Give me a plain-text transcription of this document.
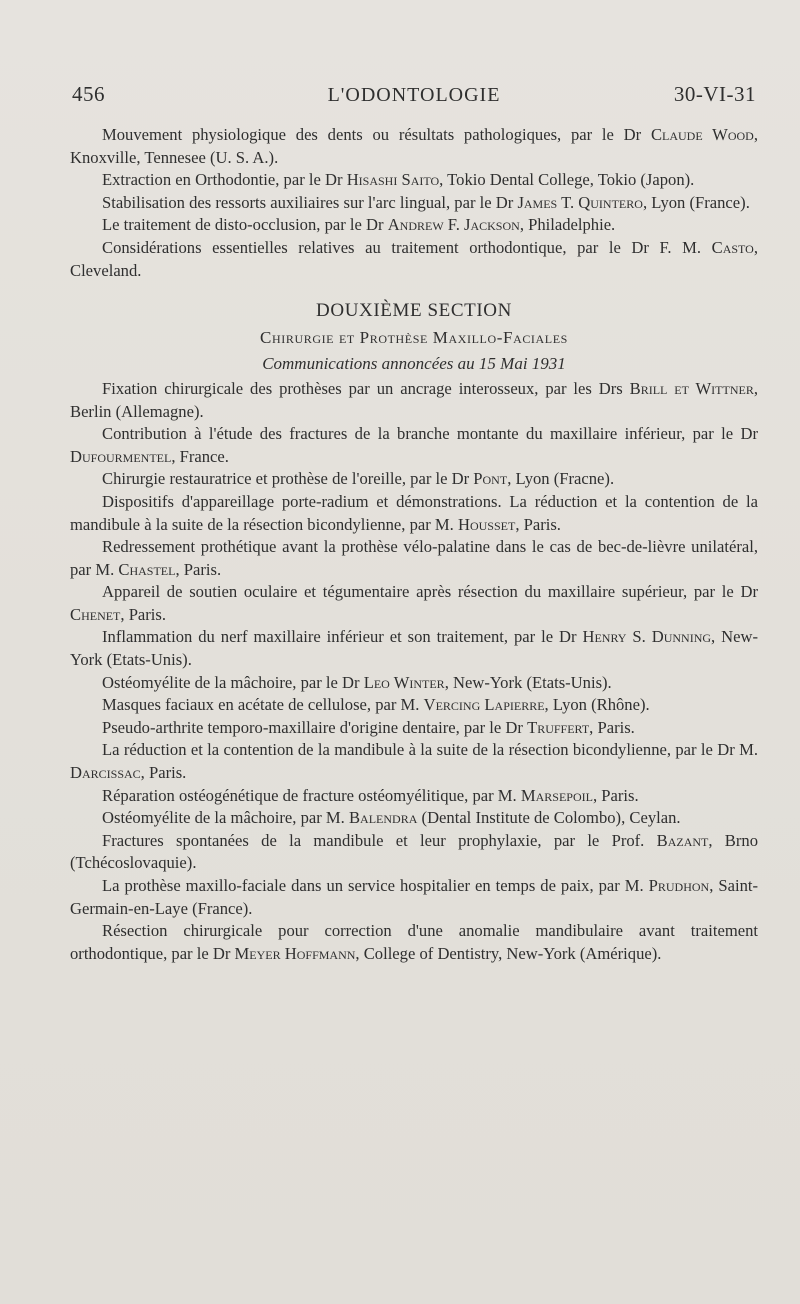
456	L'ODONTOLOGIE	30-VI-31

Mouvement physiologique des dents ou résultats pathologiques, par le Dr Claude Wood, Knoxville, Tennesee (U. S. A.).

Extraction en Orthodontie, par le Dr Hisashi Saito, Tokio Dental College, Tokio (Japon).

Stabilisation des ressorts auxiliaires sur l'arc lingual, par le Dr James T. Quintero, Lyon (France).

Le traitement de disto-occlusion, par le Dr Andrew F. Jackson, Philadelphie.

Considérations essentielles relatives au traitement orthodontique, par le Dr F. M. Casto, Cleveland.

DOUXIÈME SECTION
Chirurgie et Prothèse Maxillo-Faciales
Communications annoncées au 15 Mai 1931

Fixation chirurgicale des prothèses par un ancrage interosseux, par les Drs Brill et Wittner, Berlin (Allemagne).

Contribution à l'étude des fractures de la branche montante du maxillaire inférieur, par le Dr Dufourmentel, France.

Chirurgie restauratrice et prothèse de l'oreille, par le Dr Pont, Lyon (Fracne).

Dispositifs d'appareillage porte-radium et démonstrations. La réduction et la contention de la mandibule à la suite de la résection bicondylienne, par M. Housset, Paris.

Redressement prothétique avant la prothèse vélo-palatine dans le cas de bec-de-lièvre unilatéral, par M. Chastel, Paris.

Appareil de soutien oculaire et tégumentaire après résection du maxillaire supérieur, par le Dr Chenet, Paris.

Inflammation du nerf maxillaire inférieur et son traitement, par le Dr Henry S. Dunning, New-York (Etats-Unis).

Ostéomyélite de la mâchoire, par le Dr Leo Winter, New-York (Etats-Unis).

Masques faciaux en acétate de cellulose, par M. Vercing Lapierre, Lyon (Rhône).

Pseudo-arthrite temporo-maxillaire d'origine dentaire, par le Dr Truffert, Paris.

La réduction et la contention de la mandibule à la suite de la résection bicondylienne, par le Dr M. Darcissac, Paris.

Réparation ostéogénétique de fracture ostéomyélitique, par M. Marsepoil, Paris.

Ostéomyélite de la mâchoire, par M. Balendra (Dental Institute de Colombo), Ceylan.

Fractures spontanées de la mandibule et leur prophylaxie, par le Prof. Bazant, Brno (Tchécoslovaquie).

La prothèse maxillo-faciale dans un service hospitalier en temps de paix, par M. Prudhon, Saint-Germain-en-Laye (France).

Résection chirurgicale pour correction d'une anomalie mandibulaire avant traitement orthodontique, par le Dr Meyer Hoffmann, College of Dentistry, New-York (Amérique).
